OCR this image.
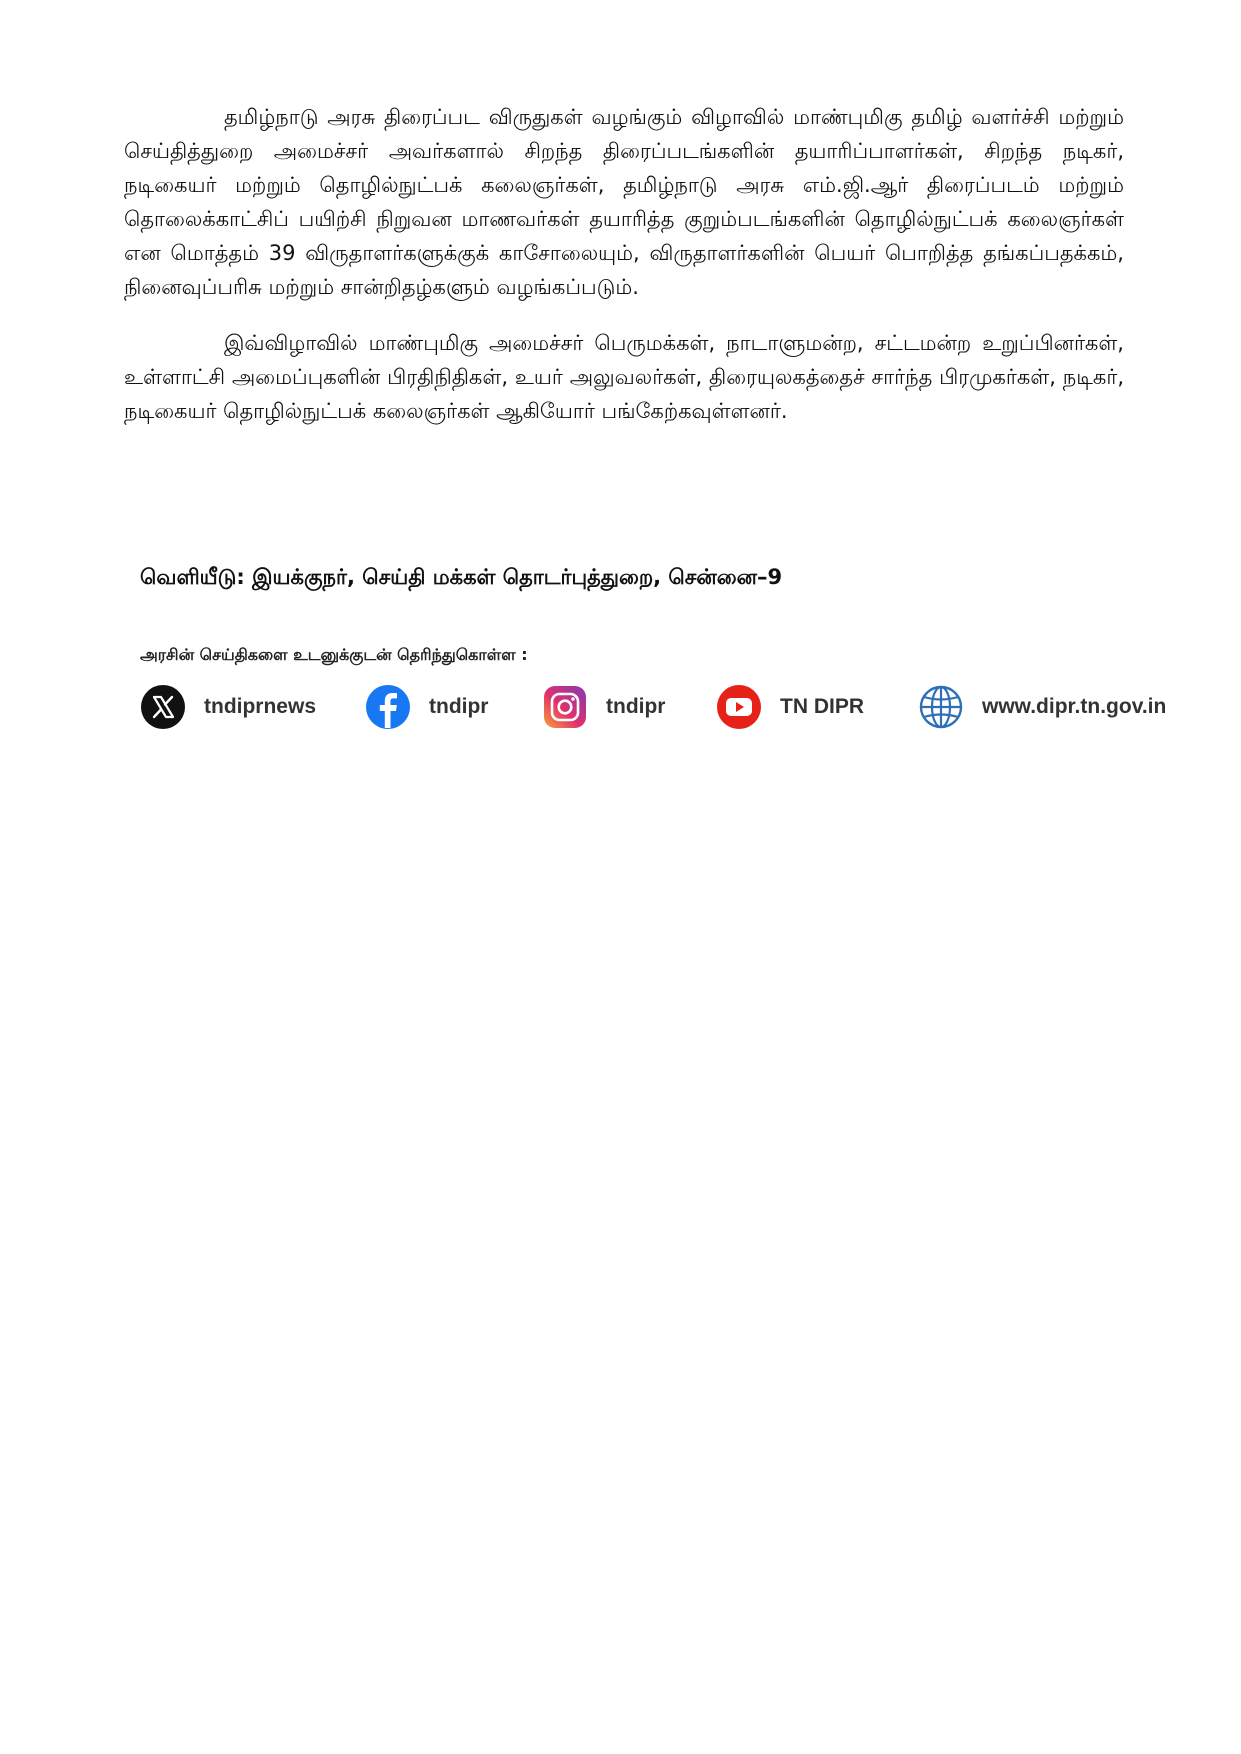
தமிழ்நாடு அரசு திரைப்பட விருதுகள் வழங்கும் விழாவில் மாண்புமிகு தமிழ் வளர்ச்சி மற்றும் செய்தித்துறை அமைச்சர் அவர்களால் சிறந்த திரைப்படங்களின் தயாரிப்பாளர்கள், சிறந்த நடிகர், நடிகையர் மற்றும் தொழில்நுட்பக் கலைஞர்கள், தமிழ்நாடு அரசு எம்.ஜி.ஆர் திரைப்படம் மற்றும் தொலைக்காட்சிப் பயிற்சி நிறுவன மாணவர்கள் தயாரித்த குறும்படங்களின் தொழில்நுட்பக் கலைஞர்கள் என மொத்தம் 39 விருதாளர்களுக்குக் காசோலையும், விருதாளர்களின் பெயர் பொறித்த தங்கப்பதக்கம், நினைவுப்பரிசு மற்றும் சான்றிதழ்களும் வழங்கப்படும்.

இவ்விழாவில் மாண்புமிகு அமைச்சர் பெருமக்கள், நாடாளுமன்ற, சட்டமன்ற உறுப்பினர்கள், உள்ளாட்சி அமைப்புகளின் பிரதிநிதிகள், உயர் அலுவலர்கள், திரையுலகத்தைச் சார்ந்த பிரமுகர்கள், நடிகர், நடிகையர் தொழில்நுட்பக் கலைஞர்கள் ஆகியோர் பங்கேற்கவுள்ளனர்.

வெளியீடு: இயக்குநர், செய்தி மக்கள் தொடர்புத்துறை, சென்னை–9
அரசின் செய்திகளை உடனுக்குடன் தெரிந்துகொள்ள :
tndiprnews	tndipr	tndipr	TN DIPR	www.dipr.tn.gov.in
